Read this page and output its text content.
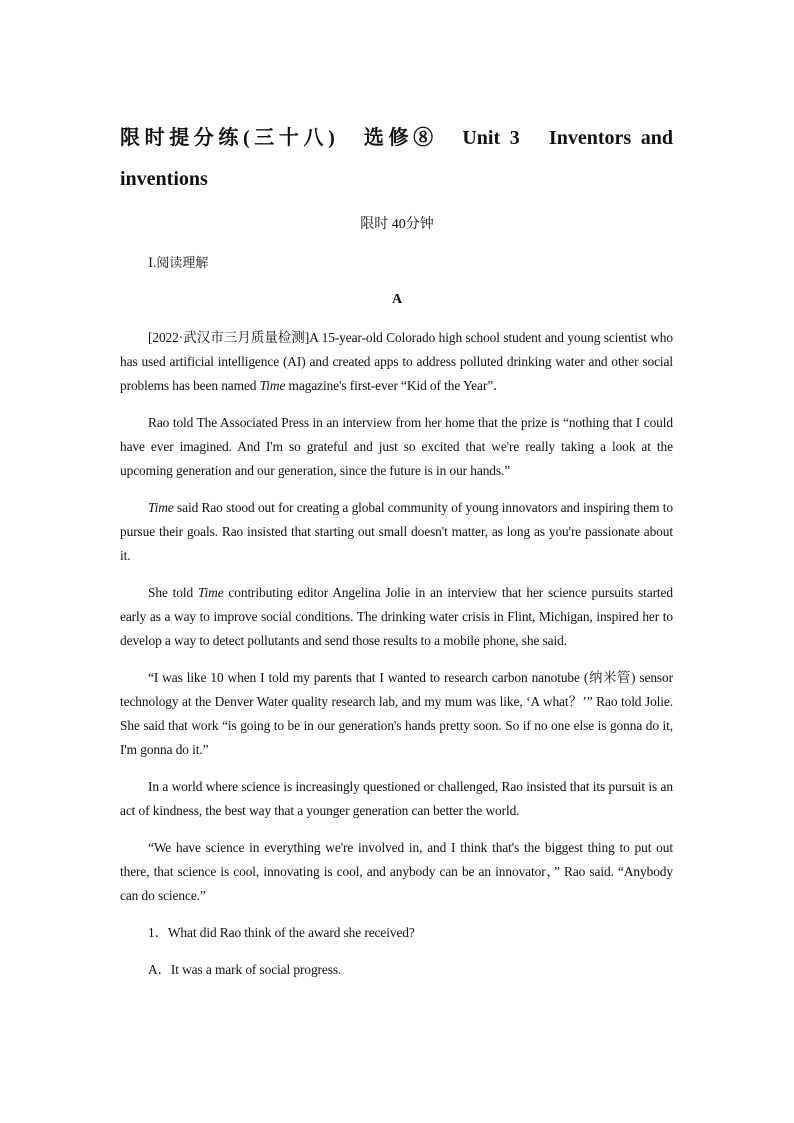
限时提分练(三十八)　选修⑧　Unit 3　Inventors and inventions
限时 40分钟
Ⅰ.阅读理解
A

[2022·武汉市三月质量检测]A 15-year-old Colorado high school student and young scientist who has used artificial intelligence (AI) and created apps to address polluted drinking water and other social problems has been named Time magazine's first-ever “Kid of the Year”．

Rao told The Associated Press in an interview from her home that the prize is “nothing that I could have ever imagined. And I'm so grateful and just so excited that we're really taking a look at the upcoming generation and our generation, since the future is in our hands.”

Time said Rao stood out for creating a global community of young innovators and inspiring them to pursue their goals. Rao insisted that starting out small doesn't matter, as long as you're passionate about it.

She told Time contributing editor Angelina Jolie in an interview that her science pursuits started early as a way to improve social conditions. The drinking water crisis in Flint, Michigan, inspired her to develop a way to detect pollutants and send those results to a mobile phone, she said.

“I was like 10 when I told my parents that I wanted to research carbon nanotube (纳米管) sensor technology at the Denver Water quality research lab, and my mum was like, ‘A what？’” Rao told Jolie. She said that work “is going to be in our generation's hands pretty soon. So if no one else is gonna do it, I'm gonna do it.”

In a world where science is increasingly questioned or challenged, Rao insisted that its pursuit is an act of kindness, the best way that a younger generation can better the world.

“We have science in everything we're involved in, and I think that's the biggest thing to put out there, that science is cool, innovating is cool, and anybody can be an innovator，” Rao said. “Anybody can do science.”

1．What did Rao think of the award she received?

A．It was a mark of social progress.
